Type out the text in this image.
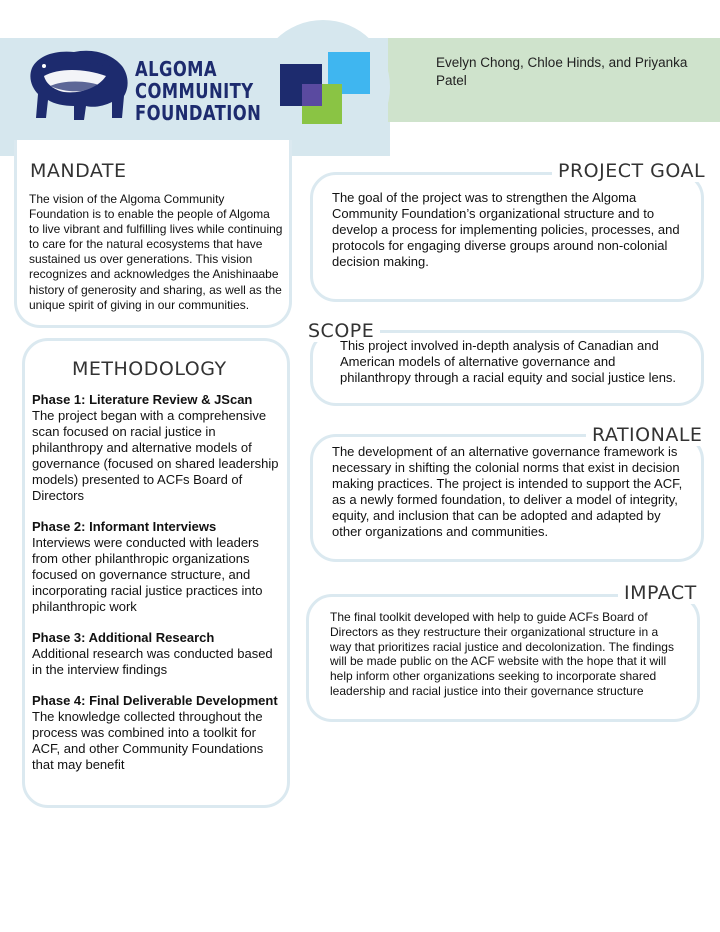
ALGOMA
COMMUNITY
FOUNDATION
Evelyn Chong, Chloe Hinds, and Priyanka Patel
MANDATE
The vision of the Algoma Community Foundation is to enable the people of Algoma to live vibrant and fulfilling lives while continuing to care for the natural ecosystems that have sustained us over generations. This vision recognizes and acknowledges the Anishinaabe history of generosity and sharing, as well as the unique spirit of giving in our communities.
METHODOLOGY
Phase 1: Literature Review & JScan
The project began with a comprehensive scan focused on racial justice in philanthropy and alternative models of governance (focused on shared leadership models) presented to ACFs Board of Directors
Phase 2: Informant Interviews
Interviews were conducted with leaders from other philanthropic organizations focused on governance structure, and incorporating racial justice practices into philanthropic work
Phase 3: Additional Research
Additional research was conducted based in the interview findings
Phase 4: Final Deliverable Development
The knowledge collected throughout the process was combined into a toolkit for ACF, and other Community Foundations that may benefit
PROJECT GOAL
The goal of the project was to strengthen the Algoma Community Foundation’s organizational structure and to develop a process for implementing policies, processes, and protocols for engaging diverse groups around non-colonial decision making.
SCOPE
This project involved in-depth analysis of Canadian and American models of alternative governance and philanthropy through a racial equity and social justice lens.
RATIONALE
The development of an alternative governance framework is necessary in shifting the colonial norms that exist in decision making practices. The project is intended to support the ACF, as a newly formed foundation, to deliver a model of integrity, equity, and inclusion that can be adopted and adapted by other organizations and communities.
IMPACT
The final toolkit developed with help to guide ACFs Board of Directors as they restructure their organizational structure in a way that prioritizes racial justice and decolonization. The findings will be made public on the ACF website with the hope that it will help inform other organizations seeking to incorporate shared leadership and racial justice into their governance structure
